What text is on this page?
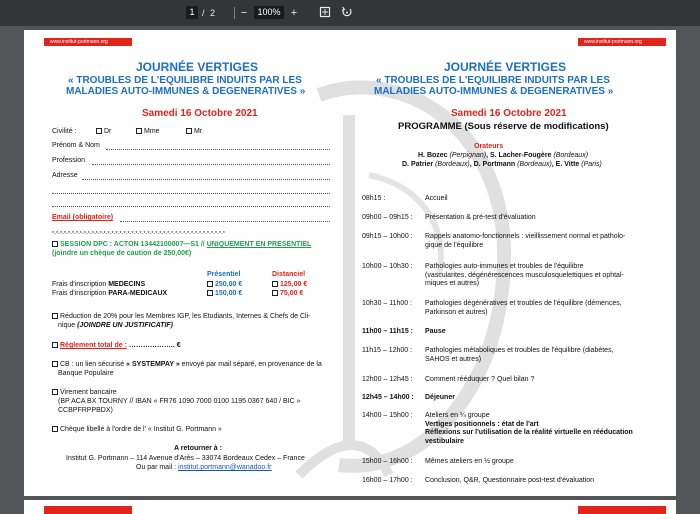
1 / 2	−	100% +
www.institut-portmann.org
JOURNÉE VERTIGES
« TROUBLES DE L'EQUILIBRE INDUITS PAR LES
MALADIES AUTO-IMMUNES & DEGENERATIVES »
Samedi 16 Octobre 2021
Civilité :	Dr	Mme	Mr
Prénom & Nom
Profession
Adresse
Email (obligatoire)
*-*-*-*-*-*-*-*-*-*-*-*-*-*-*-*-*-*-*-*-*-*-*-*-*-*-*-*-*-*-*-*-*-*-*-*-*-*-*-*-*-*-*-*
SESSION DPC : ACTON 13442100007—S1 // UNIQUEMENT EN PRESENTIEL
(joindre un chèque de caution de 250,00€)
Présentiel	Distanciel
Frais d'inscription MEDECINS	250,00 €	125,00 €
Frais d'inscription PARA-MEDICAUX	150,00 €	75,00 €
Réduction de 20% pour les Membres IGP, les Etudiants, Internes & Chefs de Cli-
nique (JOINDRE UN JUSTIFICATIF)
Règlement total de : ……………….. €
CB : un lien sécurisé « SYSTEMPAY » envoyé par mail séparé, en provenance de la
Banque Populaire
Virement bancaire
(BP ACA BX TOURNY // IBAN « FR76 1090 7000 0100 1195 0367 640 / BIC »
CCBPFRPPBDX)
Chèque libellé à l'ordre de l' « Institut G. Portmann »
A retourner à :
Institut G. Portmann – 114 Avenue d'Arès – 33074 Bordeaux Cedex – France
Ou par mail : institut.portmann@wanadoo.fr
www.institut-portmann.org
JOURNÉE VERTIGES
« TROUBLES DE L'EQUILIBRE INDUITS PAR LES
MALADIES AUTO-IMMUNES & DEGENERATIVES »
Samedi 16 Octobre 2021
PROGRAMME (Sous réserve de modifications)
Orateurs
H. Bozec (Perpignan), S. Lacher-Fougère (Bordeaux)
D. Patrier (Bordeaux), D. Portmann (Bordeaux), E. Vitte (Paris)
08h15 :	Accueil
09h00 – 09h15 : Présentation & pré-test d'évaluation
09h15 – 10h00 : Rappels anatomo-fonctionnels : vieillissement normal et patholo-
gique de l'équilibre
10h00 – 10h30 : Pathologies auto-immunes et troubles de l'équilibre
(vascularites, dégénérescences musculosquelettiques et ophtal-
miques et autres)
10h30 – 11h00 : Pathologies dégénératives et troubles de l'équilibre (démences,
Parkinson et autres)
11h00 – 11h15 : Pause
11h15 – 12h00 : Pathologies métaboliques et troubles de l'équilibre (diabètes,
SAHOS et autres)
12h00 – 12h45 : Comment rééduquer ? Quel bilan ?
12h45 – 14h00 : Déjeuner
14h00 – 15h00 : Ateliers en ¼ groupe
Vertiges positionnels : état de l'art
Réflexions sur l'utilisation de la réalité virtuelle en rééducation
vestibulaire
15h00 – 16h00 : Mêmes ateliers en ½ groupe
16h00 – 17h00 : Conclusion, Q&R, Questionnaire post-test d'évaluation
